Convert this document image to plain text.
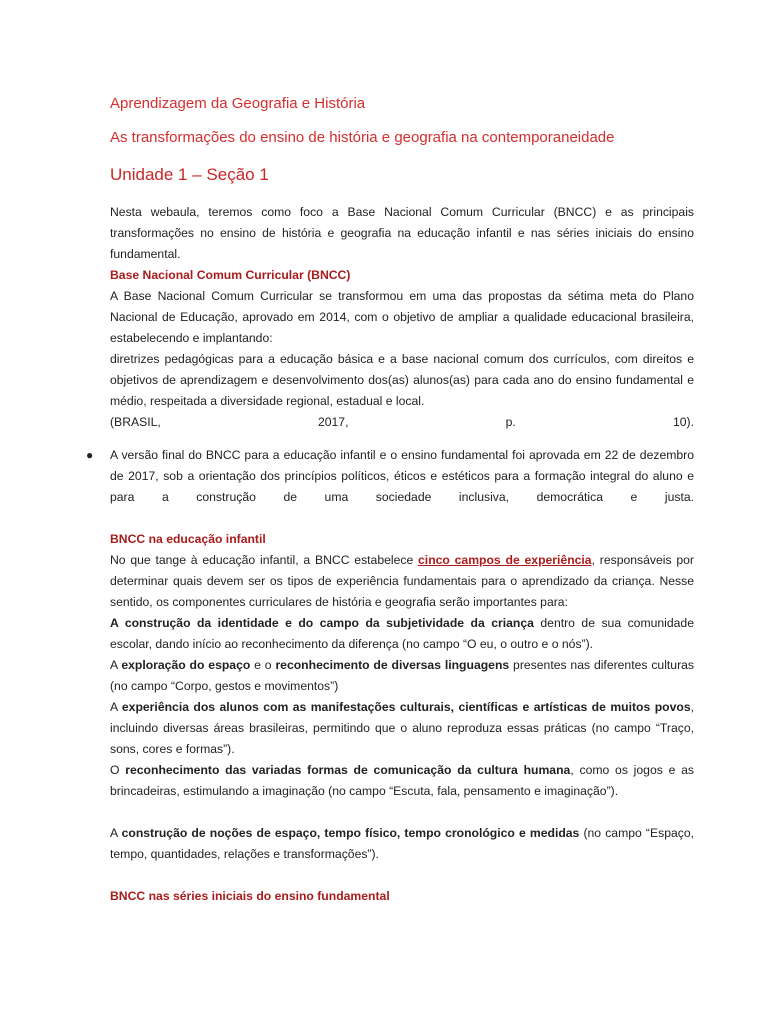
Aprendizagem da Geografia e História
As transformações do ensino de história e geografia na contemporaneidade
Unidade 1 – Seção 1

Nesta webaula, teremos como foco a Base Nacional Comum Curricular (BNCC) e as principais transformações no ensino de história e geografia na educação infantil e nas séries iniciais do ensino fundamental.

Base Nacional Comum Curricular (BNCC)

A Base Nacional Comum Curricular se transformou em uma das propostas da sétima meta do Plano Nacional de Educação, aprovado em 2014, com o objetivo de ampliar a qualidade educacional brasileira, estabelecendo e implantando:

diretrizes pedagógicas para a educação básica e a base nacional comum dos currículos, com direitos e objetivos de aprendizagem e desenvolvimento dos(as) alunos(as) para cada ano do ensino fundamental e médio, respeitada a diversidade regional, estadual e local.

(BRASIL, 2017, p. 10).

● A versão final do BNCC para a educação infantil e o ensino fundamental foi aprovada em 22 de dezembro de 2017, sob a orientação dos princípios políticos, éticos e estéticos para a formação integral do aluno e para a construção de uma sociedade inclusiva, democrática e justa.

BNCC na educação infantil

No que tange à educação infantil, a BNCC estabelece cinco campos de experiência, responsáveis por determinar quais devem ser os tipos de experiência fundamentais para o aprendizado da criança. Nesse sentido, os componentes curriculares de história e geografia serão importantes para:

A construção da identidade e do campo da subjetividade da criança dentro de sua comunidade escolar, dando início ao reconhecimento da diferença (no campo “O eu, o outro e o nós”).

A exploração do espaço e o reconhecimento de diversas linguagens presentes nas diferentes culturas (no campo “Corpo, gestos e movimentos”)

A experiência dos alunos com as manifestações culturais, científicas e artísticas de muitos povos, incluindo diversas áreas brasileiras, permitindo que o aluno reproduza essas práticas (no campo “Traço, sons, cores e formas”).

O reconhecimento das variadas formas de comunicação da cultura humana, como os jogos e as brincadeiras, estimulando a imaginação (no campo “Escuta, fala, pensamento e imaginação”).

A construção de noções de espaço, tempo físico, tempo cronológico e medidas (no campo “Espaço, tempo, quantidades, relações e transformações”).

BNCC nas séries iniciais do ensino fundamental
